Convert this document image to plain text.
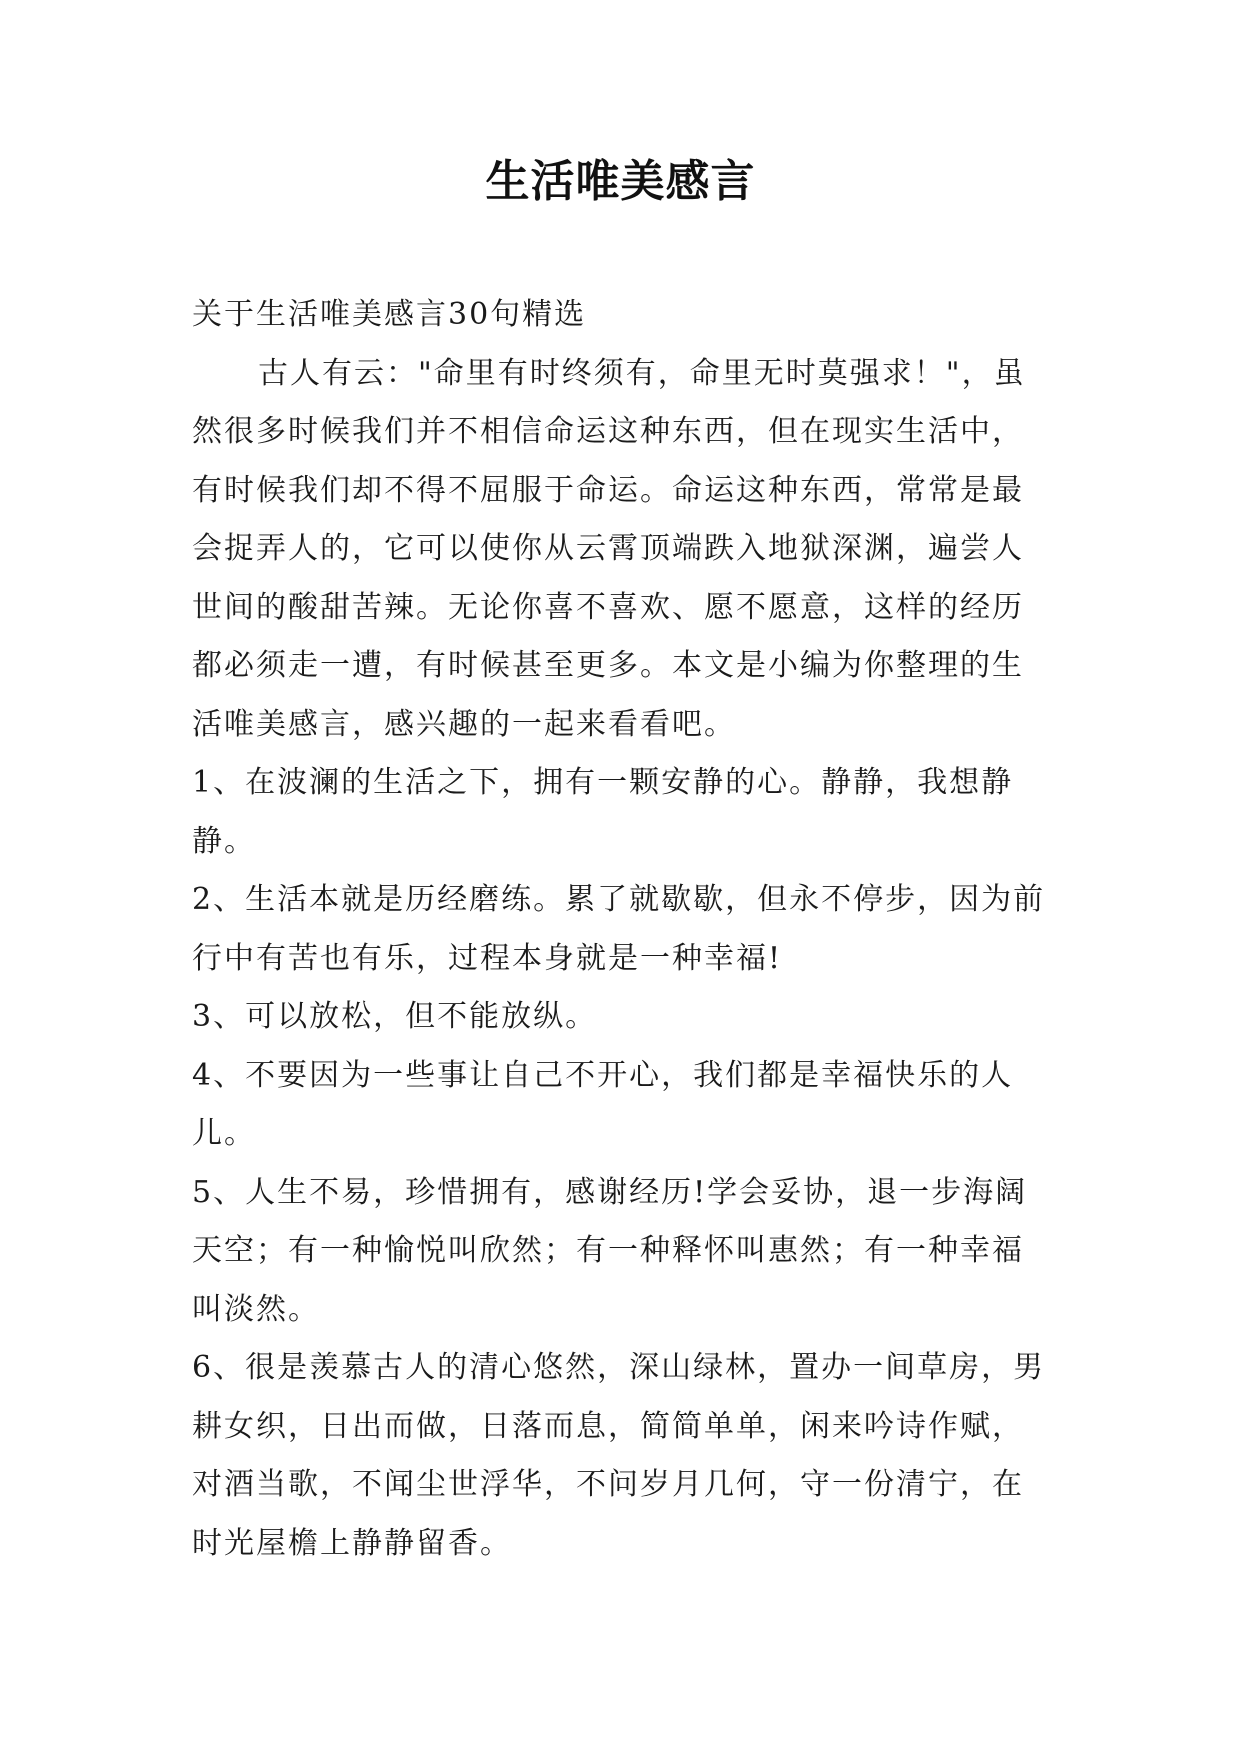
生活唯美感言

关于生活唯美感言30句精选

古人有云："命里有时终须有，命里无时莫强求！"，虽然很多时候我们并不相信命运这种东西，但在现实生活中，有时候我们却不得不屈服于命运。命运这种东西，常常是最会捉弄人的，它可以使你从云霄顶端跌入地狱深渊，遍尝人世间的酸甜苦辣。无论你喜不喜欢、愿不愿意，这样的经历都必须走一遭，有时候甚至更多。本文是小编为你整理的生活唯美感言，感兴趣的一起来看看吧。

1、在波澜的生活之下，拥有一颗安静的心。静静，我想静静。

2、生活本就是历经磨练。累了就歇歇，但永不停步，因为前行中有苦也有乐，过程本身就是一种幸福!

3、可以放松，但不能放纵。

4、不要因为一些事让自己不开心，我们都是幸福快乐的人儿。

5、人生不易，珍惜拥有，感谢经历!学会妥协，退一步海阔天空；有一种愉悦叫欣然；有一种释怀叫惠然；有一种幸福叫淡然。

6、很是羡慕古人的清心悠然，深山绿林，置办一间草房，男耕女织，日出而做，日落而息，简简单单，闲来吟诗作赋，对酒当歌，不闻尘世浮华，不问岁月几何，守一份清宁，在时光屋檐上静静留香。
